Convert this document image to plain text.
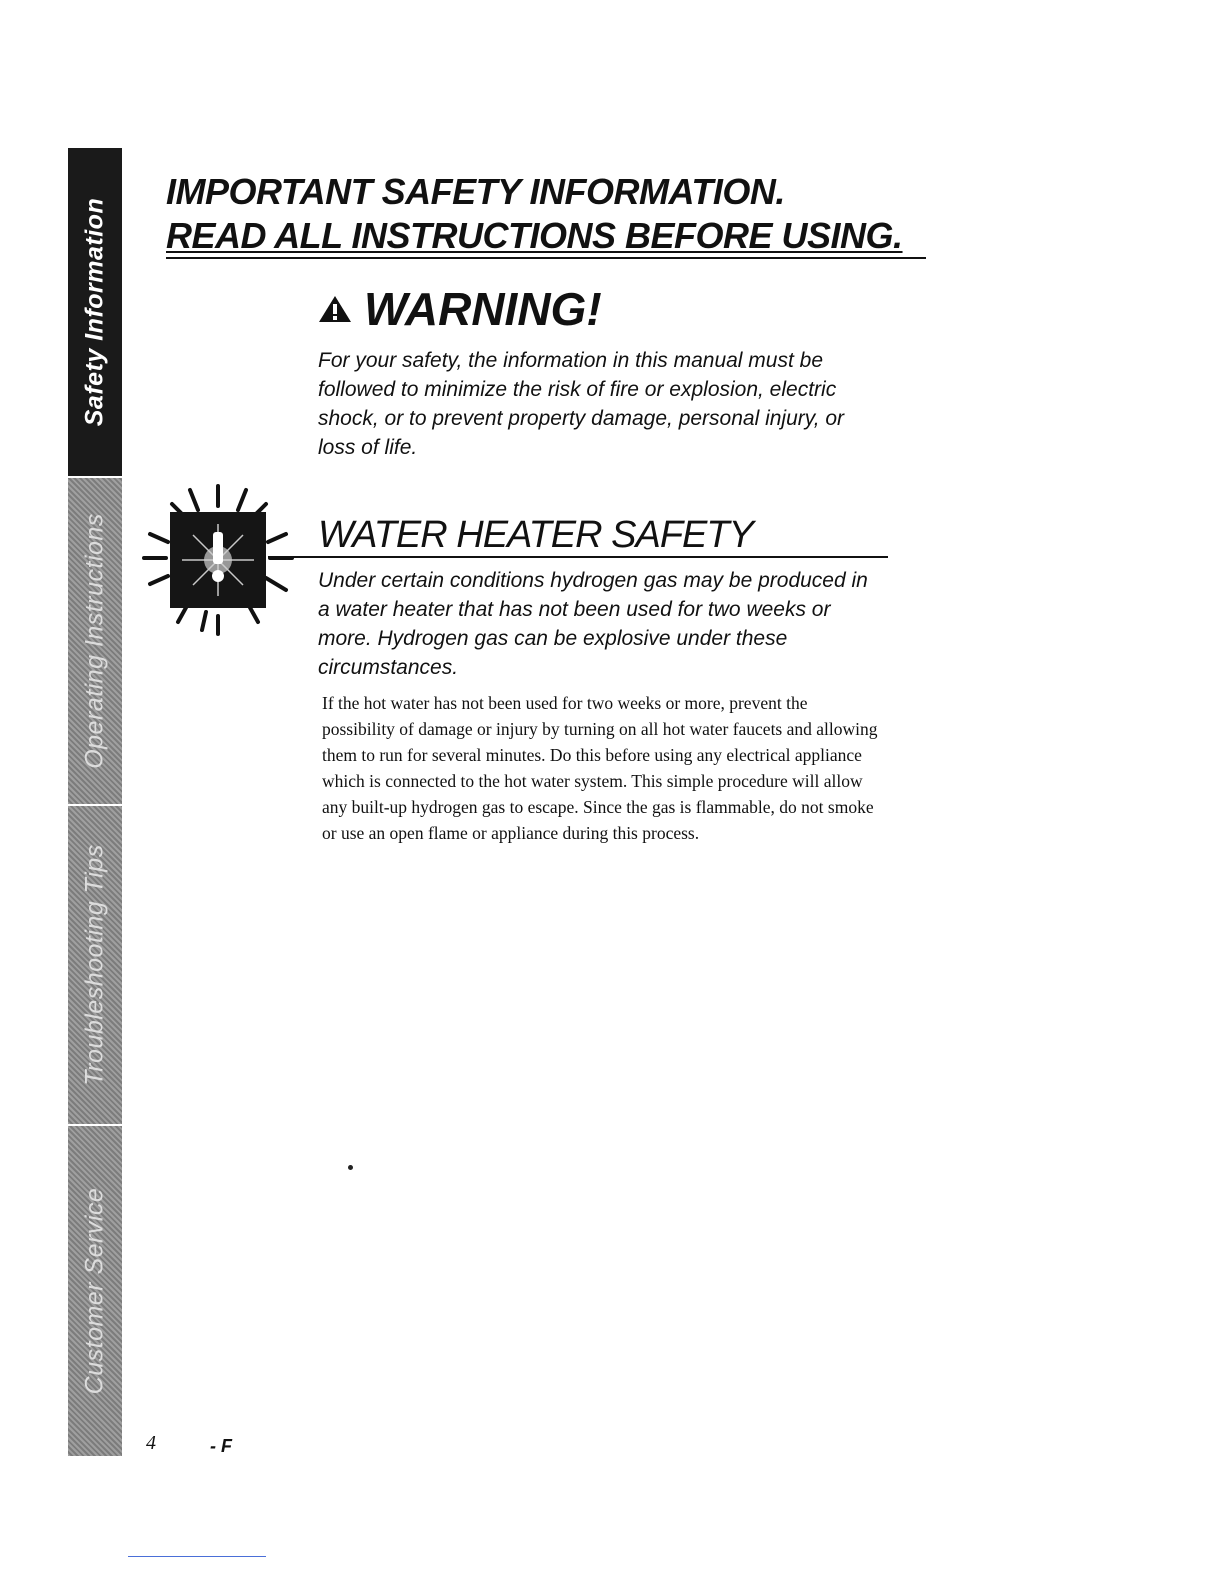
Safety Information
Operating Instructions
Troubleshooting Tips
Customer Service
IMPORTANT SAFETY INFORMATION.
READ ALL INSTRUCTIONS BEFORE USING.
WARNING!

For your safety, the information in this manual must be followed to minimize the risk of fire or explosion, electric shock, or to prevent property damage, personal injury, or loss of life.

WATER HEATER SAFETY

Under certain conditions hydrogen gas may be produced in a water heater that has not been used for two weeks or more. Hydrogen gas can be explosive under these circumstances.

If the hot water has not been used for two weeks or more, prevent the possibility of damage or injury by turning on all hot water faucets and allowing them to run for several minutes. Do this before using any electrical appliance which is connected to the hot water system. This simple procedure will allow any built-up hydrogen gas to escape. Since the gas is flammable, do not smoke or use an open flame or appliance during this process.

4	- F
